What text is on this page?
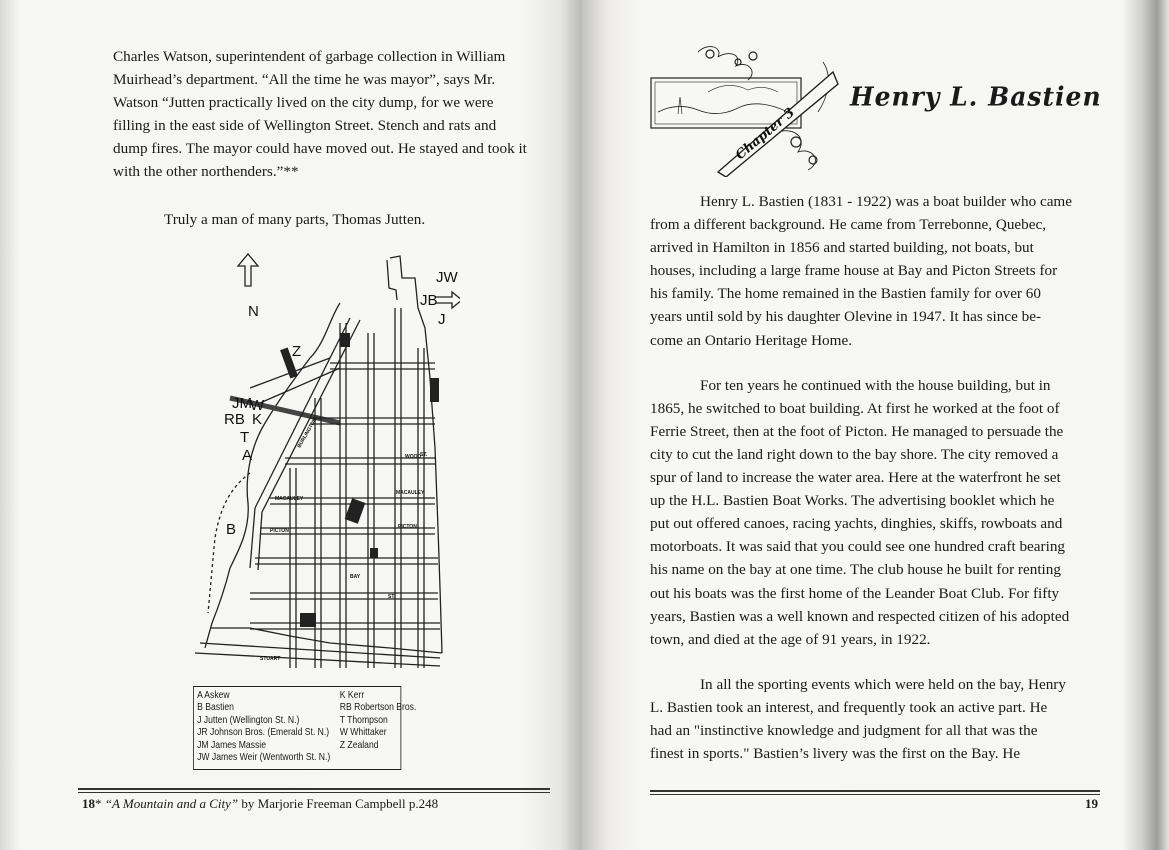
Charles Watson, superintendent of garbage collection in William
Muirhead’s department. “All the time he was mayor”, says Mr.
Watson “Jutten practically lived on the city dump, for we were
filling in the east side of Wellington Street. Stench and rats and
dump fires. The mayor could have moved out. He stayed and took it
with the other northenders.”**

Truly a man of many parts, Thomas Jutten.

N
JW
JB
J
Z
JM
W
K
RB
T
A
B
WOOD
ST.
MACAULEY
MACAULEY
PICTON
PICTON
STUART
BURLINGTON
BAY
ST.
A Askew
B Bastien
J Jutten (Wellington St. N.)
JR Johnson Bros. (Emerald St. N.)
JM James Massie
JW James Weir (Wentworth St. N.)
K Kerr
RB Robertson Bros.
T Thompson
W Whittaker
Z Zealand
18* “A Mountain and a City” by Marjorie Freeman Campbell p.248
Chapter 3
Henry L. Bastien
Henry L. Bastien (1831 - 1922) was a boat builder who came
from a different background. He came from Terrebonne, Quebec,
arrived in Hamilton in 1856 and started building, not boats, but
houses, including a large frame house at Bay and Picton Streets for
his family. The home remained in the Bastien family for over 60
years until sold by his daughter Olevine in 1947. It has since be-
come an Ontario Heritage Home.
For ten years he continued with the house building, but in
1865, he switched to boat building. At first he worked at the foot of
Ferrie Street, then at the foot of Picton. He managed to persuade the
city to cut the land right down to the bay shore. The city removed a
spur of land to increase the water area. Here at the waterfront he set
up the H.L. Bastien Boat Works. The advertising booklet which he
put out offered canoes, racing yachts, dinghies, skiffs, rowboats and
motorboats. It was said that you could see one hundred craft bearing
his name on the bay at one time. The club house he built for renting
out his boats was the first home of the Leander Boat Club. For fifty
years, Bastien was a well known and respected citizen of his adopted
town, and died at the age of 91 years, in 1922.
In all the sporting events which were held on the bay, Henry
L. Bastien took an interest, and frequently took an active part. He
had an "instinctive knowledge and judgment for all that was the
finest in sports." Bastien’s livery was the first on the Bay. He
19
